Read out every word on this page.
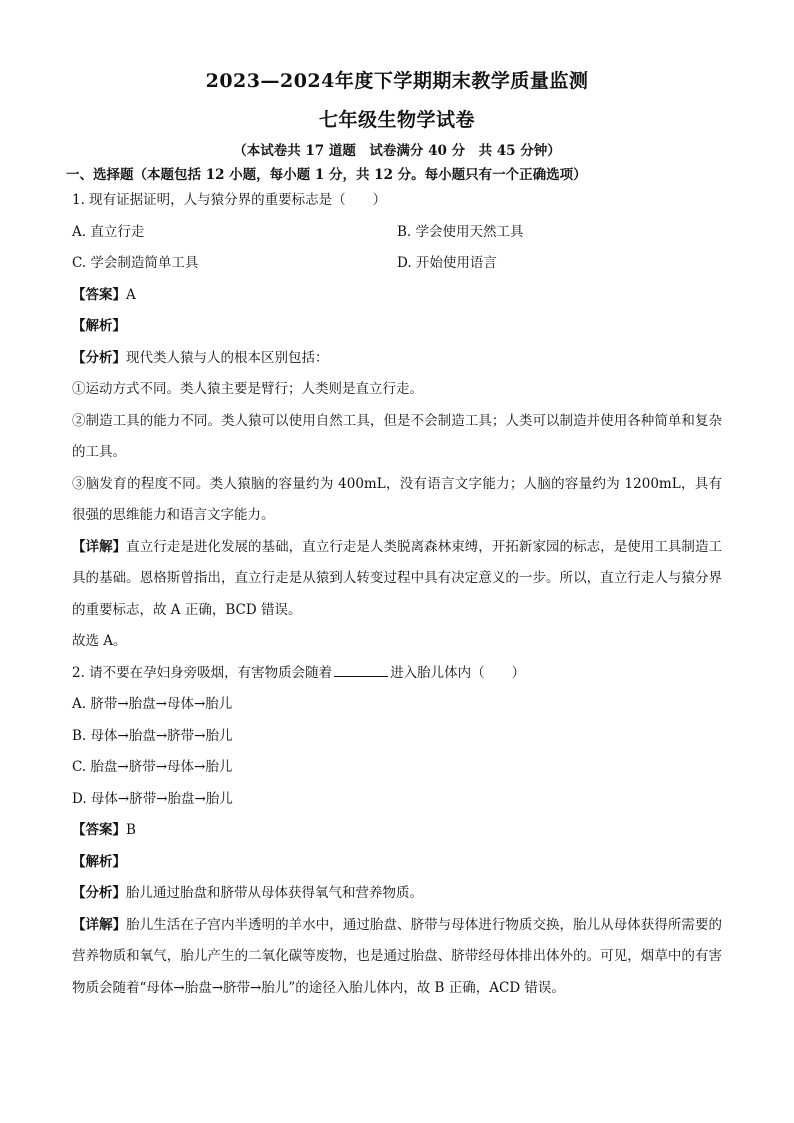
2023—2024年度下学期期末教学质量监测
七年级生物学试卷
（本试卷共 17 道题　试卷满分 40 分　共 45 分钟）
一、选择题（本题包括 12 小题，每小题 1 分，共 12 分。每小题只有一个正确选项）
1. 现有证据证明，人与猿分界的重要标志是（　　）
A. 直立行走	B. 学会使用天然工具
C. 学会制造简单工具	D. 开始使用语言
【答案】A
【解析】
【分析】现代类人猿与人的根本区别包括：
①运动方式不同。类人猿主要是臂行；人类则是直立行走。
②制造工具的能力不同。类人猿可以使用自然工具，但是不会制造工具；人类可以制造并使用各种简单和复杂的工具。
③脑发育的程度不同。类人猿脑的容量约为 400mL，没有语言文字能力；人脑的容量约为 1200mL，具有很强的思维能力和语言文字能力。
【详解】直立行走是进化发展的基础，直立行走是人类脱离森林束缚，开拓新家园的标志，是使用工具制造工具的基础。恩格斯曾指出，直立行走是从猿到人转变过程中具有决定意义的一步。所以，直立行走人与猿分界的重要标志，故 A 正确，BCD 错误。
故选 A。
2. 请不要在孕妇身旁吸烟，有害物质会随着	进入胎儿体内（　　）
A. 脐带→胎盘→母体→胎儿
B. 母体→胎盘→脐带→胎儿
C. 胎盘→脐带→母体→胎儿
D. 母体→脐带→胎盘→胎儿
【答案】B
【解析】
【分析】胎儿通过胎盘和脐带从母体获得氧气和营养物质。
【详解】胎儿生活在子宫内半透明的羊水中，通过胎盘、脐带与母体进行物质交换，胎儿从母体获得所需要的营养物质和氧气，胎儿产生的二氧化碳等废物，也是通过胎盘、脐带经母体排出体外的。可见，烟草中的有害物质会随着“母体→胎盘→脐带→胎儿”的途径入胎儿体内，故 B 正确，ACD 错误。
